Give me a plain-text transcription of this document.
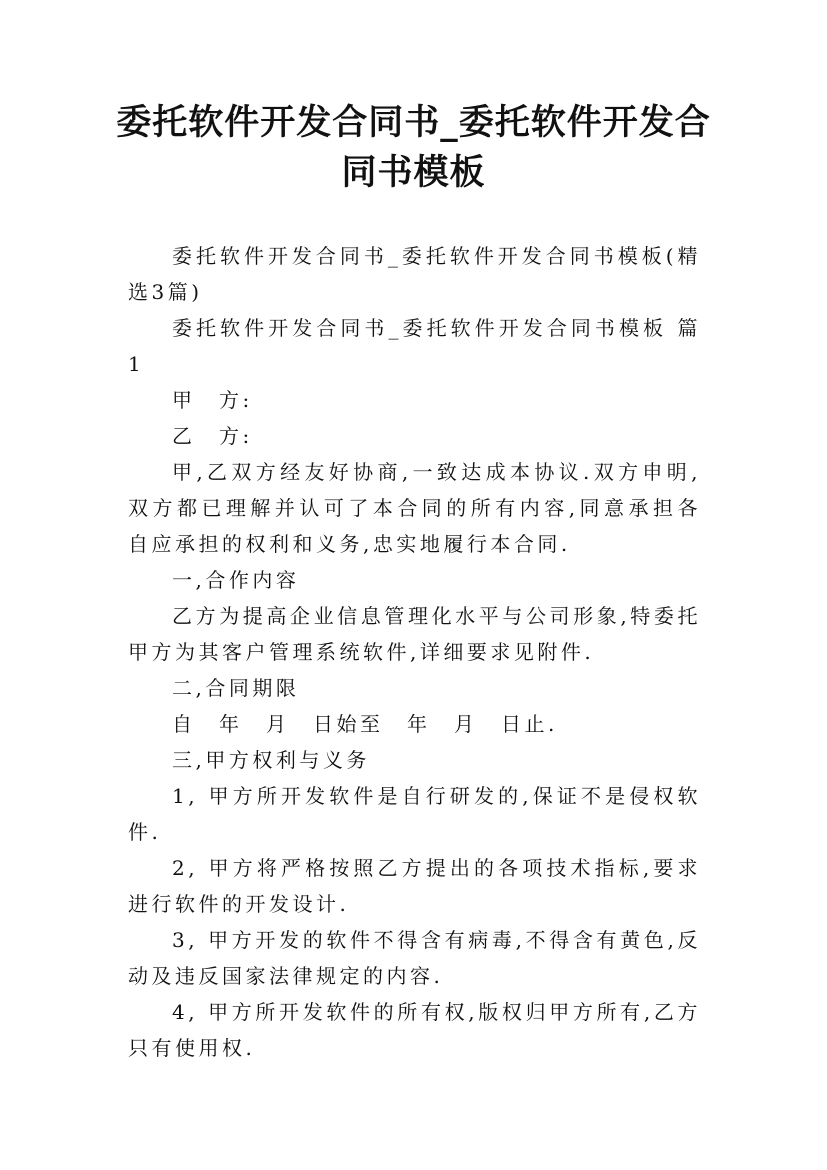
委托软件开发合同书_委托软件开发合同书模板

委托软件开发合同书_委托软件开发合同书模板(精选3篇)

委托软件开发合同书_委托软件开发合同书模板 篇1

甲　方:

乙　方:

甲,乙双方经友好协商,一致达成本协议.双方申明,双方都已理解并认可了本合同的所有内容,同意承担各自应承担的权利和义务,忠实地履行本合同.

一,合作内容

乙方为提高企业信息管理化水平与公司形象,特委托甲方为其客户管理系统软件,详细要求见附件.

二,合同期限

自　年　月　日始至　年　月　日止.

三,甲方权利与义务

1, 甲方所开发软件是自行研发的,保证不是侵权软件.

2, 甲方将严格按照乙方提出的各项技术指标,要求进行软件的开发设计.

3, 甲方开发的软件不得含有病毒,不得含有黄色,反动及违反国家法律规定的内容.

4, 甲方所开发软件的所有权,版权归甲方所有,乙方只有使用权.
